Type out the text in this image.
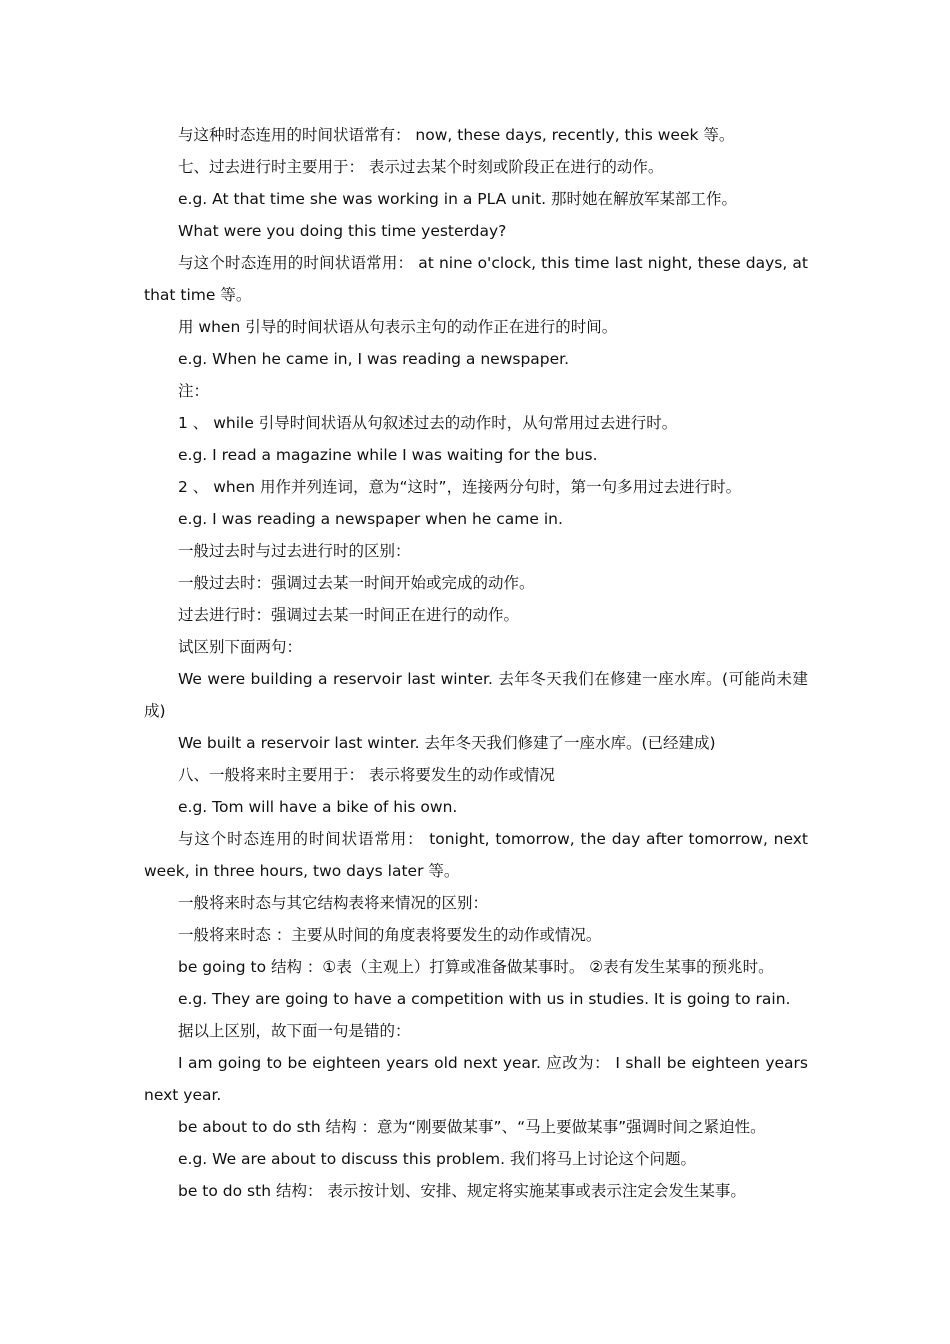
与这种时态连用的时间状语常有： now, these days, recently, this week 等。
七、过去进行时主要用于： 表示过去某个时刻或阶段正在进行的动作。
e.g. At that time she was working in a PLA unit. 那时她在解放军某部工作。
What were you doing this time yesterday?
与这个时态连用的时间状语常用： at nine o'clock, this time last night, these days, at
that time 等。
用 when 引导的时间状语从句表示主句的动作正在进行的时间。
e.g. When he came in, I was reading a newspaper.
注：
1 、 while 引导时间状语从句叙述过去的动作时，从句常用过去进行时。
e.g. I read a magazine while I was waiting for the bus.
2 、 when 用作并列连词，意为“这时”，连接两分句时，第一句多用过去进行时。
e.g. I was reading a newspaper when he came in.
一般过去时与过去进行时的区别：
一般过去时：强调过去某一时间开始或完成的动作。
过去进行时：强调过去某一时间正在进行的动作。
试区别下面两句：
We were building a reservoir last winter. 去年冬天我们在修建一座水库。(可能尚未建
成)
We built a reservoir last winter. 去年冬天我们修建了一座水库。(已经建成)
八、一般将来时主要用于： 表示将要发生的动作或情况
e.g. Tom will have a bike of his own.
与这个时态连用的时间状语常用： tonight, tomorrow, the day after tomorrow, next
week, in three hours, two days later 等。
一般将来时态与其它结构表将来情况的区别：
一般将来时态 ：主要从时间的角度表将要发生的动作或情况。
be going to 结构 ：①表（主观上）打算或准备做某事时。 ②表有发生某事的预兆时。
e.g. They are going to have a competition with us in studies. It is going to rain.
据以上区别，故下面一句是错的：
I am going to be eighteen years old next year. 应改为： I shall be eighteen years
next year.
be about to do sth 结构 ：意为“刚要做某事”、“马上要做某事”强调时间之紧迫性。
e.g. We are about to discuss this problem. 我们将马上讨论这个问题。
be to do sth 结构： 表示按计划、安排、规定将实施某事或表示注定会发生某事。
